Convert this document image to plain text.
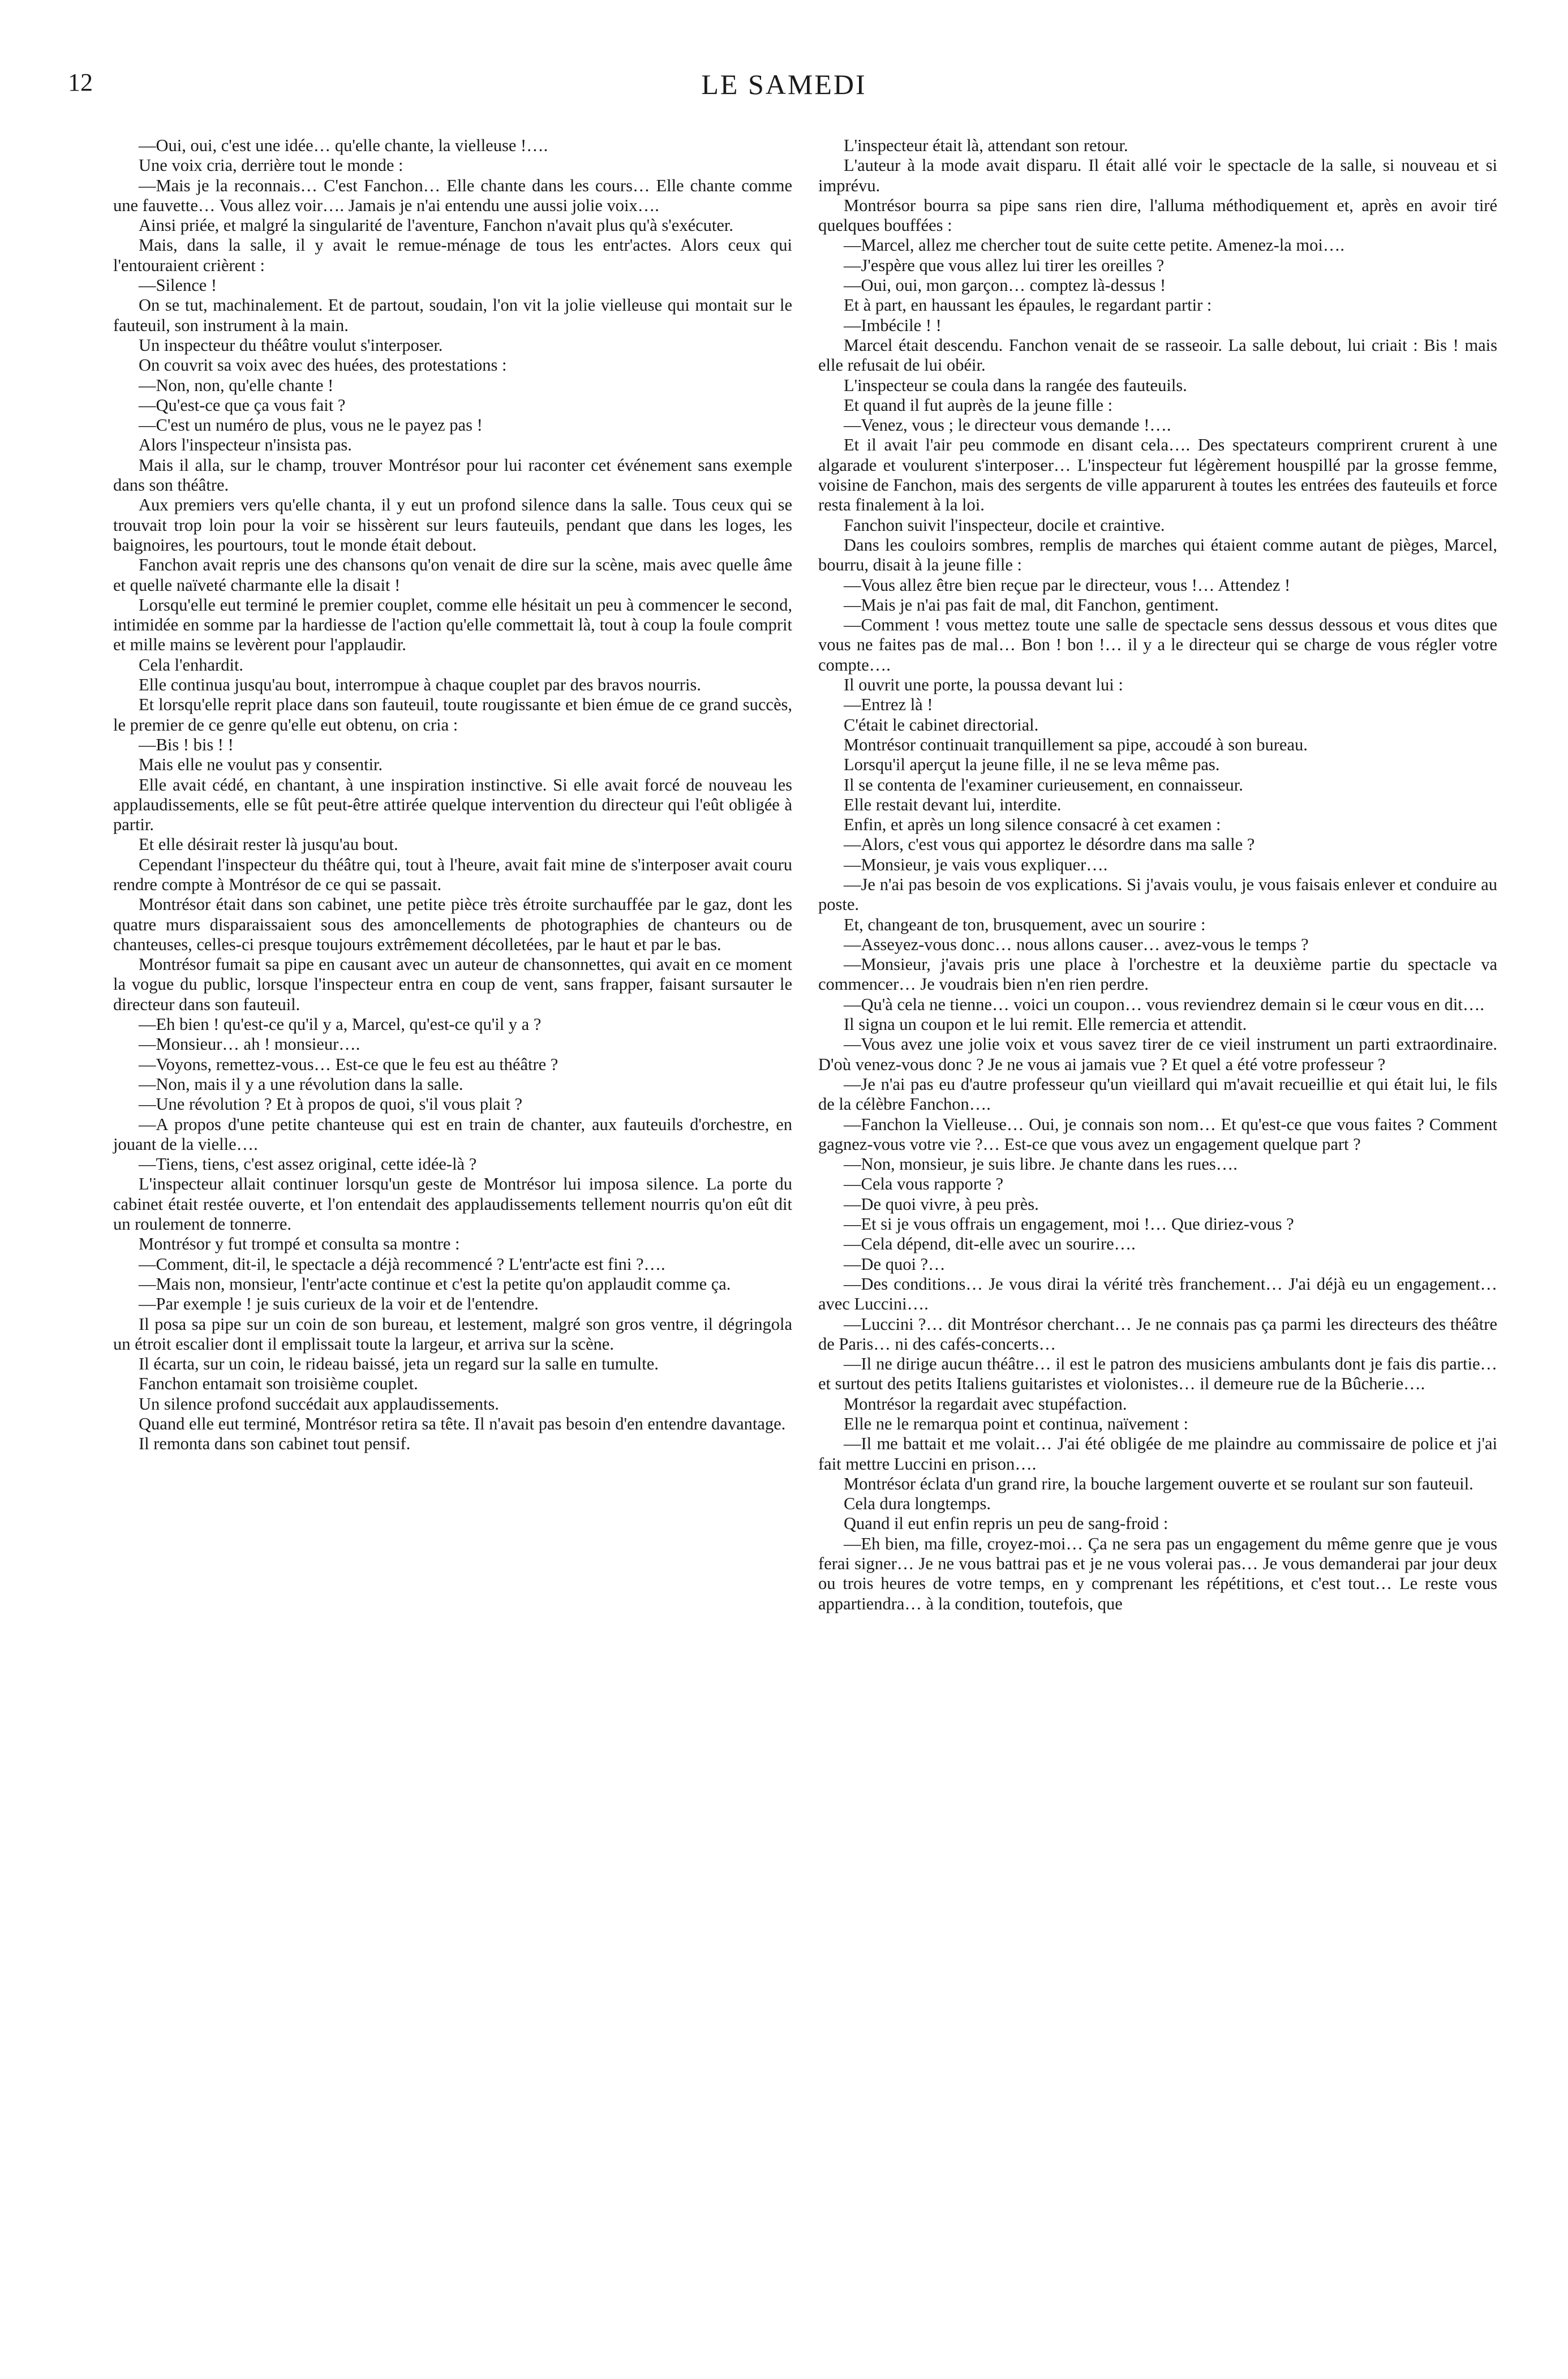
12	LE SAMEDI

—Oui, oui, c'est une idée… qu'elle chante, la vielleuse !….

Une voix cria, derrière tout le monde :

—Mais je la reconnais… C'est Fanchon… Elle chante dans les cours… Elle chante comme une fauvette… Vous allez voir…. Jamais je n'ai entendu une aussi jolie voix….

Ainsi priée, et malgré la singularité de l'aventure, Fanchon n'avait plus qu'à s'exécuter.

Mais, dans la salle, il y avait le remue-ménage de tous les entr'actes. Alors ceux qui l'entouraient crièrent :

—Silence !

On se tut, machinalement. Et de partout, soudain, l'on vit la jolie vielleuse qui montait sur le fauteuil, son instrument à la main.

Un inspecteur du théâtre voulut s'interposer.

On couvrit sa voix avec des huées, des protestations :

—Non, non, qu'elle chante !

—Qu'est-ce que ça vous fait ?

—C'est un numéro de plus, vous ne le payez pas !

Alors l'inspecteur n'insista pas.

Mais il alla, sur le champ, trouver Montrésor pour lui raconter cet événement sans exemple dans son théâtre.

Aux premiers vers qu'elle chanta, il y eut un profond silence dans la salle. Tous ceux qui se trouvait trop loin pour la voir se hissèrent sur leurs fauteuils, pendant que dans les loges, les baignoires, les pourtours, tout le monde était debout.

Fanchon avait repris une des chansons qu'on venait de dire sur la scène, mais avec quelle âme et quelle naïveté charmante elle la disait !

Lorsqu'elle eut terminé le premier couplet, comme elle hésitait un peu à commencer le second, intimidée en somme par la hardiesse de l'action qu'elle commettait là, tout à coup la foule comprit et mille mains se levèrent pour l'applaudir.

Cela l'enhardit.

Elle continua jusqu'au bout, interrompue à chaque couplet par des bravos nourris.

Et lorsqu'elle reprit place dans son fauteuil, toute rougissante et bien émue de ce grand succès, le premier de ce genre qu'elle eut obtenu, on cria :

—Bis ! bis ! !

Mais elle ne voulut pas y consentir.

Elle avait cédé, en chantant, à une inspiration instinctive. Si elle avait forcé de nouveau les applaudissements, elle se fût peut-être attirée quelque intervention du directeur qui l'eût obligée à partir.

Et elle désirait rester là jusqu'au bout.

Cependant l'inspecteur du théâtre qui, tout à l'heure, avait fait mine de s'interposer avait couru rendre compte à Montrésor de ce qui se passait.

Montrésor était dans son cabinet, une petite pièce très étroite surchauffée par le gaz, dont les quatre murs disparaissaient sous des amoncellements de photographies de chanteurs ou de chanteuses, celles-ci presque toujours extrêmement décolletées, par le haut et par le bas.

Montrésor fumait sa pipe en causant avec un auteur de chansonnettes, qui avait en ce moment la vogue du public, lorsque l'inspecteur entra en coup de vent, sans frapper, faisant sursauter le directeur dans son fauteuil.

—Eh bien ! qu'est-ce qu'il y a, Marcel, qu'est-ce qu'il y a ?

—Monsieur… ah ! monsieur….

—Voyons, remettez-vous… Est-ce que le feu est au théâtre ?

—Non, mais il y a une révolution dans la salle.

—Une révolution ? Et à propos de quoi, s'il vous plait ?

—A propos d'une petite chanteuse qui est en train de chanter, aux fauteuils d'orchestre, en jouant de la vielle….

—Tiens, tiens, c'est assez original, cette idée-là ?

L'inspecteur allait continuer lorsqu'un geste de Montrésor lui imposa silence. La porte du cabinet était restée ouverte, et l'on entendait des applaudissements tellement nourris qu'on eût dit un roulement de tonnerre.

Montrésor y fut trompé et consulta sa montre :

—Comment, dit-il, le spectacle a déjà recommencé ? L'entr'acte est fini ?….

—Mais non, monsieur, l'entr'acte continue et c'est la petite qu'on applaudit comme ça.

—Par exemple ! je suis curieux de la voir et de l'entendre.

Il posa sa pipe sur un coin de son bureau, et lestement, malgré son gros ventre, il dégringola un étroit escalier dont il emplissait toute la largeur, et arriva sur la scène.

Il écarta, sur un coin, le rideau baissé, jeta un regard sur la salle en tumulte.

Fanchon entamait son troisième couplet.

Un silence profond succédait aux applaudissements.

Quand elle eut terminé, Montrésor retira sa tête. Il n'avait pas besoin d'en entendre davantage.

Il remonta dans son cabinet tout pensif.

L'inspecteur était là, attendant son retour.

L'auteur à la mode avait disparu. Il était allé voir le spectacle de la salle, si nouveau et si imprévu.

Montrésor bourra sa pipe sans rien dire, l'alluma méthodiquement et, après en avoir tiré quelques bouffées :

—Marcel, allez me chercher tout de suite cette petite. Amenez-la moi….

—J'espère que vous allez lui tirer les oreilles ?

—Oui, oui, mon garçon… comptez là-dessus !

Et à part, en haussant les épaules, le regardant partir :

—Imbécile ! !

Marcel était descendu. Fanchon venait de se rasseoir. La salle debout, lui criait : Bis ! mais elle refusait de lui obéir.

L'inspecteur se coula dans la rangée des fauteuils.

Et quand il fut auprès de la jeune fille :

—Venez, vous ; le directeur vous demande !….

Et il avait l'air peu commode en disant cela…. Des spectateurs comprirent crurent à une algarade et voulurent s'interposer… L'inspecteur fut légèrement houspillé par la grosse femme, voisine de Fanchon, mais des sergents de ville apparurent à toutes les entrées des fauteuils et force resta finalement à la loi.

Fanchon suivit l'inspecteur, docile et craintive.

Dans les couloirs sombres, remplis de marches qui étaient comme autant de pièges, Marcel, bourru, disait à la jeune fille :

—Vous allez être bien reçue par le directeur, vous !… Attendez !

—Mais je n'ai pas fait de mal, dit Fanchon, gentiment.

—Comment ! vous mettez toute une salle de spectacle sens dessus dessous et vous dites que vous ne faites pas de mal… Bon ! bon !… il y a le directeur qui se charge de vous régler votre compte….

Il ouvrit une porte, la poussa devant lui :

—Entrez là !

C'était le cabinet directorial.

Montrésor continuait tranquillement sa pipe, accoudé à son bureau.

Lorsqu'il aperçut la jeune fille, il ne se leva même pas.

Il se contenta de l'examiner curieusement, en connaisseur.

Elle restait devant lui, interdite.

Enfin, et après un long silence consacré à cet examen :

—Alors, c'est vous qui apportez le désordre dans ma salle ?

—Monsieur, je vais vous expliquer….

—Je n'ai pas besoin de vos explications. Si j'avais voulu, je vous faisais enlever et conduire au poste.

Et, changeant de ton, brusquement, avec un sourire :

—Asseyez-vous donc… nous allons causer… avez-vous le temps ?

—Monsieur, j'avais pris une place à l'orchestre et la deuxième partie du spectacle va commencer… Je voudrais bien n'en rien perdre.

—Qu'à cela ne tienne… voici un coupon… vous reviendrez demain si le cœur vous en dit….

Il signa un coupon et le lui remit. Elle remercia et attendit.

—Vous avez une jolie voix et vous savez tirer de ce vieil instrument un parti extraordinaire. D'où venez-vous donc ? Je ne vous ai jamais vue ? Et quel a été votre professeur ?

—Je n'ai pas eu d'autre professeur qu'un vieillard qui m'avait recueillie et qui était lui, le fils de la célèbre Fanchon….

—Fanchon la Vielleuse… Oui, je connais son nom… Et qu'est-ce que vous faites ? Comment gagnez-vous votre vie ?… Est-ce que vous avez un engagement quelque part ?

—Non, monsieur, je suis libre. Je chante dans les rues….

—Cela vous rapporte ?

—De quoi vivre, à peu près.

—Et si je vous offrais un engagement, moi !… Que diriez-vous ?

—Cela dépend, dit-elle avec un sourire….

—De quoi ?…

—Des conditions… Je vous dirai la vérité très franchement… J'ai déjà eu un engagement… avec Luccini….

—Luccini ?… dit Montrésor cherchant… Je ne connais pas ça parmi les directeurs des théâtre de Paris… ni des cafés-concerts…

—Il ne dirige aucun théâtre… il est le patron des musiciens ambulants dont je fais dis partie… et surtout des petits Italiens guitaristes et violonistes… il demeure rue de la Bûcherie….

Montrésor la regardait avec stupéfaction.

Elle ne le remarqua point et continua, naïvement :

—Il me battait et me volait… J'ai été obligée de me plaindre au commissaire de police et j'ai fait mettre Luccini en prison….

Montrésor éclata d'un grand rire, la bouche largement ouverte et se roulant sur son fauteuil.

Cela dura longtemps.

Quand il eut enfin repris un peu de sang-froid :

—Eh bien, ma fille, croyez-moi… Ça ne sera pas un engagement du même genre que je vous ferai signer… Je ne vous battrai pas et je ne vous volerai pas… Je vous demanderai par jour deux ou trois heures de votre temps, en y comprenant les répétitions, et c'est tout… Le reste vous appartiendra… à la condition, toutefois, que
